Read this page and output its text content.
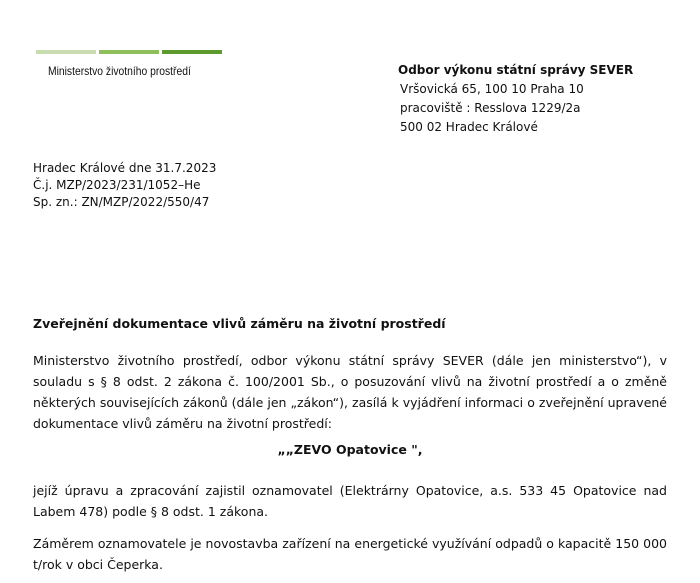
Ministerstvo životního prostředí	Odbor výkonu státní správy SEVER
Vršovická 65, 100 10 Praha 10
pracoviště : Resslova 1229/2a
500 02 Hradec Králové
Hradec Králové dne 31.7.2023
Č.j. MZP/2023/231/1052–He
Sp. zn.: ZN/MZP/2022/550/47
Zveřejnění dokumentace vlivů záměru na životní prostředí
Ministerstvo životního prostředí, odbor výkonu státní správy SEVER (dále jen ministerstvo“), v souladu s § 8 odst. 2 zákona č. 100/2001 Sb., o posuzování vlivů na životní prostředí a o změně některých souvisejících zákonů (dále jen „zákon“), zasílá k vyjádření informaci o zveřejnění upravené dokumentace vlivů záměru na životní prostředí:
„„ZEVO Opatovice ",
jejíž úpravu a zpracování zajistil oznamovatel (Elektrárny Opatovice, a.s. 533 45 Opatovice nad Labem 478) podle § 8 odst. 1 zákona.
Záměrem oznamovatele je novostavba zařízení na energetické využívání odpadů o kapacitě 150 000 t/rok v obci Čeperka.
